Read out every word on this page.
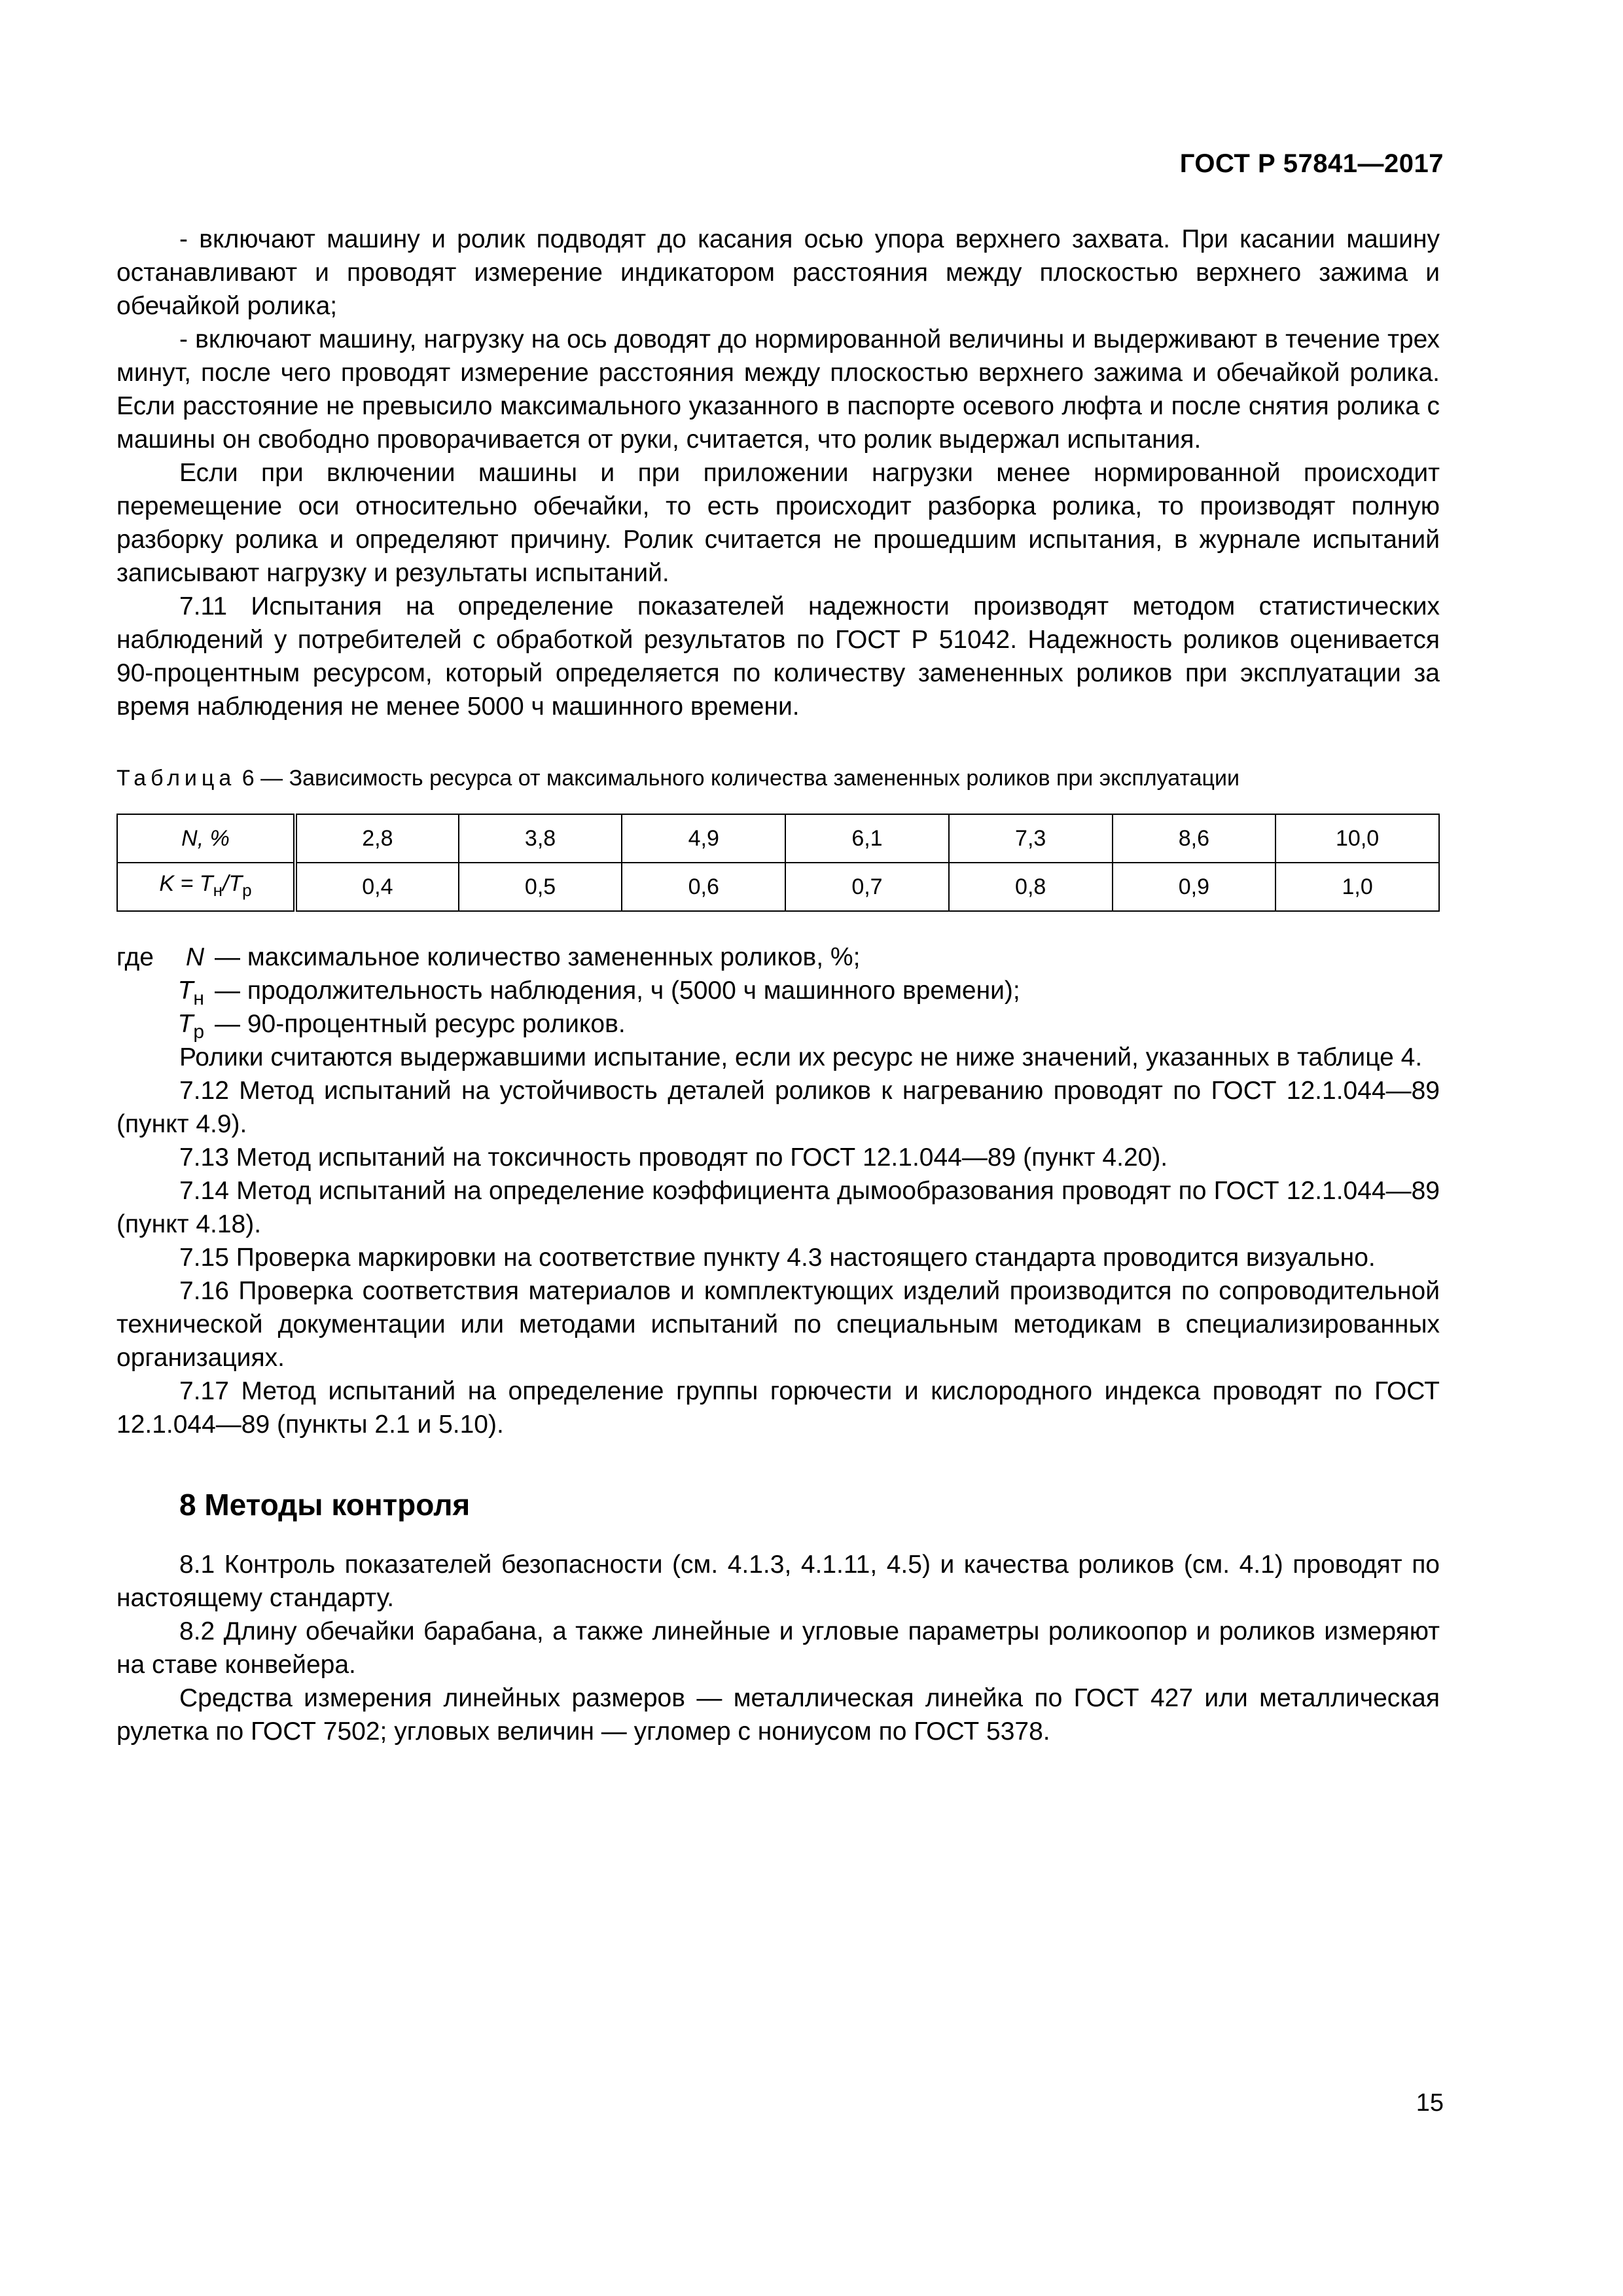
ГОСТ Р 57841—2017

- включают машину и ролик подводят до касания осью упора верхнего захвата. При касании машину останавливают и проводят измерение индикатором расстояния между плоскостью верхнего зажима и обечайкой ролика;

- включают машину, нагрузку на ось доводят до нормированной величины и выдерживают в течение трех минут, после чего проводят измерение расстояния между плоскостью верхнего зажима и обечайкой ролика. Если расстояние не превысило максимального указанного в паспорте осевого люфта и после снятия ролика с машины он свободно проворачивается от руки, считается, что ролик выдержал испытания.

Если при включении машины и при приложении нагрузки менее нормированной происходит перемещение оси относительно обечайки, то есть происходит разборка ролика, то производят полную разборку ролика и определяют причину. Ролик считается не прошедшим испытания, в журнале испытаний записывают нагрузку и результаты испытаний.

7.11 Испытания на определение показателей надежности производят методом статистических наблюдений у потребителей с обработкой результатов по ГОСТ Р 51042. Надежность роликов оценивается 90-процентным ресурсом, который определяется по количеству замененных роликов при эксплуатации за время наблюдения не менее 5000 ч машинного времени.

Таблица 6 — Зависимость ресурса от максимального количества замененных роликов при эксплуатации
N, %	2,8	3,8	4,9	6,1	7,3	8,6	10,0
$K = T_н/T_р$	0,4	0,5	0,6	0,7	0,8	0,9	1,0
где N — максимальное количество замененных роликов, %;
$T_н$ — продолжительность наблюдения, ч (5000 ч машинного времени);
$T_р$ — 90-процентный ресурс роликов.

Ролики считаются выдержавшими испытание, если их ресурс не ниже значений, указанных в таблице 4.

7.12 Метод испытаний на устойчивость деталей роликов к нагреванию проводят по ГОСТ 12.1.044—89 (пункт 4.9).

7.13 Метод испытаний на токсичность проводят по ГОСТ 12.1.044—89 (пункт 4.20).

7.14 Метод испытаний на определение коэффициента дымообразования проводят по ГОСТ 12.1.044—89 (пункт 4.18).

7.15 Проверка маркировки на соответствие пункту 4.3 настоящего стандарта проводится визуально.

7.16 Проверка соответствия материалов и комплектующих изделий производится по сопроводительной технической документации или методами испытаний по специальным методикам в специализированных организациях.

7.17 Метод испытаний на определение группы горючести и кислородного индекса проводят по ГОСТ 12.1.044—89 (пункты 2.1 и 5.10).

8 Методы контроля

8.1 Контроль показателей безопасности (см. 4.1.3, 4.1.11, 4.5) и качества роликов (см. 4.1) проводят по настоящему стандарту.

8.2 Длину обечайки барабана, а также линейные и угловые параметры роликоопор и роликов измеряют на ставе конвейера.

Средства измерения линейных размеров — металлическая линейка по ГОСТ 427 или металлическая рулетка по ГОСТ 7502; угловых величин — угломер с нониусом по ГОСТ 5378.

15
